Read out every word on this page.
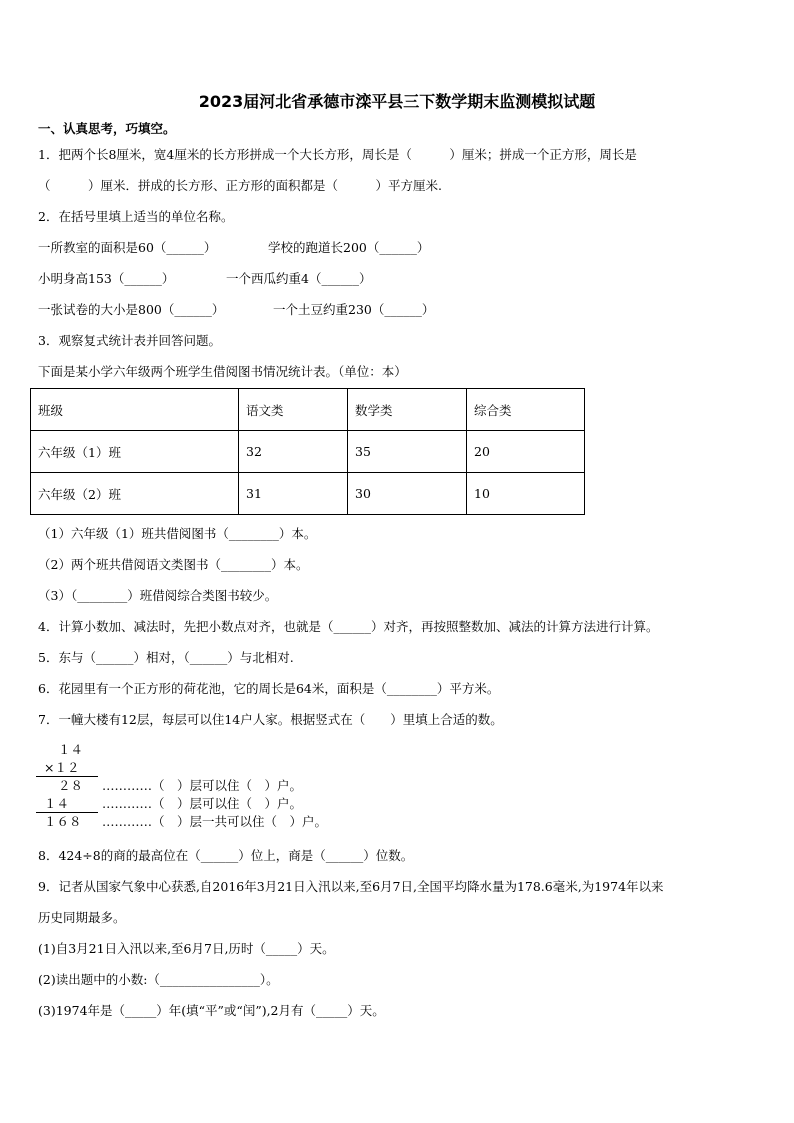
2023届河北省承德市滦平县三下数学期末监测模拟试题
一、认真思考，巧填空。
1．把两个长8厘米，宽4厘米的长方形拼成一个大长方形，周长是（　　　）厘米；拼成一个正方形，周长是
（　　　）厘米．拼成的长方形、正方形的面积都是（　　　）平方厘米.
2．在括号里填上适当的单位名称。
一所教室的面积是60（______）	学校的跑道长200（______）
小明身高153（______）	一个西瓜约重4（______）
一张试卷的大小是800（______）	一个土豆约重230（______）
3．观察复式统计表并回答问题。
下面是某小学六年级两个班学生借阅图书情况统计表。（单位：本）
班级	语文类	数学类	综合类
六年级（1）班	32	35	20
六年级（2）班	31	30	10
（1）六年级（1）班共借阅图书（________）本。
（2）两个班共借阅语文类图书（________）本。
（3）（________）班借阅综合类图书较少。
4．计算小数加、减法时，先把小数点对齐，也就是（______）对齐，再按照整数加、减法的计算方法进行计算。
5．东与（______）相对，（______）与北相对.
6．花园里有一个正方形的荷花池，它的周长是64米，面积是（________）平方米。
7．一幢大楼有12层，每层可以住14户人家。根据竖式在（　　）里填上合适的数。
１４
×１２
２８
１４
１６８
…………（　）层可以住（　）户。
…………（　）层可以住（　）户。
…………（　）层一共可以住（　）户。
8．424÷8的商的最高位在（______）位上，商是（______）位数。
9．记者从国家气象中心获悉,自2016年3月21日入汛以来,至6月7日,全国平均降水量为178.6毫米,为1974年以来
历史同期最多。
(1)自3月21日入汛以来,至6月7日,历时（_____）天。
(2)读出题中的小数:（________________）。
(3)1974年是（_____）年(填“平”或“闰”),2月有（_____）天。
